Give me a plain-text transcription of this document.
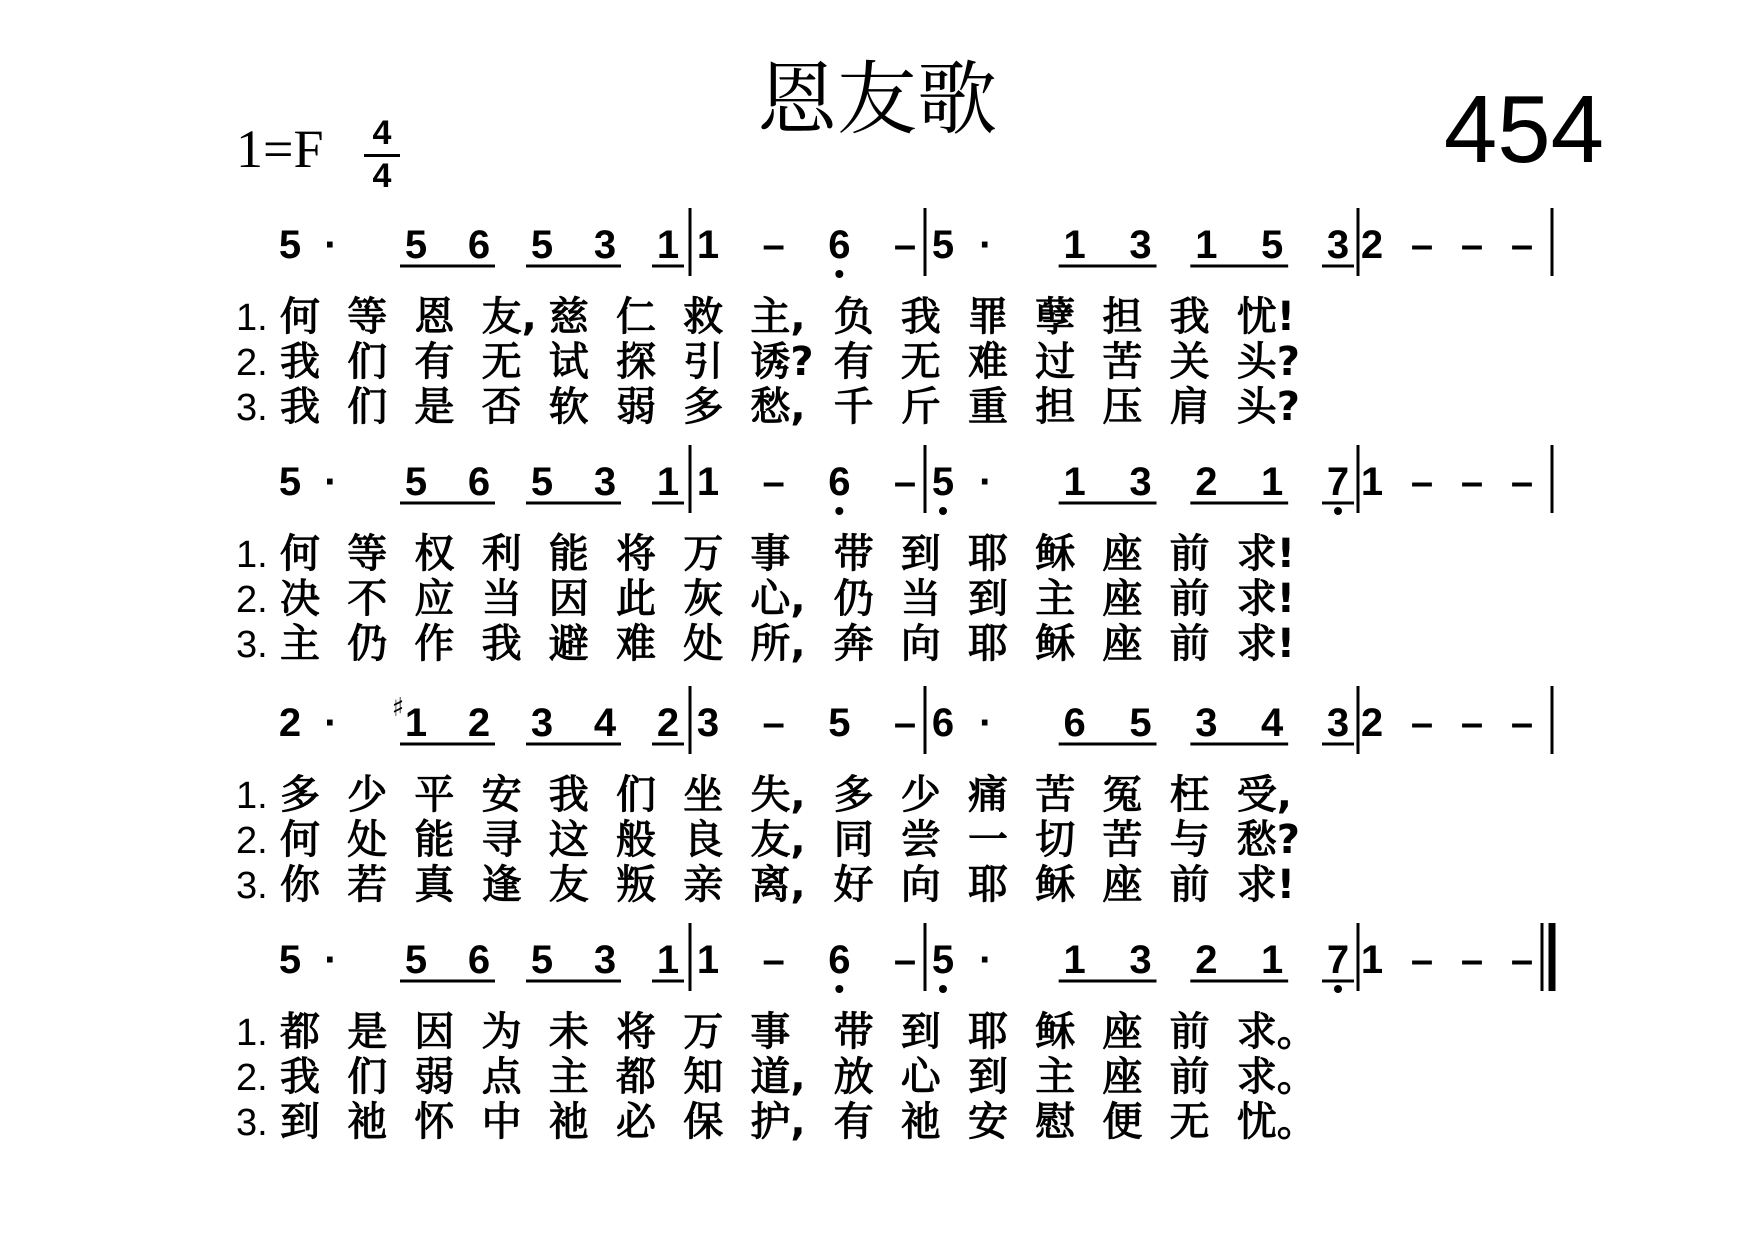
恩友歌	454
1=F	4
4
5 · 5 6 5 3 1 1 – 6 – 5 · 1 3 1 5 3 2 – – –
1. 何 等 恩 友, 慈 仁 救 主, 负 我 罪 孽 担 我 忧!
2. 我 们 有 无 试 探 引 诱? 有 无 难 过 苦 关 头?
3. 我 们 是 否 软 弱 多 愁, 千 斤 重 担 压 肩 头?
5 · 5 6 5 3 1 1 – 6 – 5 · 1 3 2 1 7 1 – – –
1. 何 等 权 利 能 将 万 事 带 到 耶 稣 座 前 求!
2. 决 不 应 当 因 此 灰 心, 仍 当 到 主 座 前 求!
3. 主 仍 作 我 避 难 处 所, 奔 向 耶 稣 座 前 求!
2 · 1
♯ 2 3 4 2 3 – 5 – 6 · 6 5 3 4 3 2 – – –
1. 多 少 平 安 我 们 坐 失, 多 少 痛 苦 冤 枉 受,
2. 何 处 能 寻 这 般 良 友, 同 尝 一 切 苦 与 愁?
3. 你 若 真 逢 友 叛 亲 离, 好 向 耶 稣 座 前 求!
5 · 5 6 5 3 1 1 – 6 – 5 · 1 3 2 1 7 1 – – –
1. 都 是 因 为 未 将 万 事 带 到 耶 稣 座 前 求。
2. 我 们 弱 点 主 都 知 道, 放 心 到 主 座 前 求。
3. 到 祂 怀 中 祂 必 保 护, 有 祂 安 慰 便 无 忧。
